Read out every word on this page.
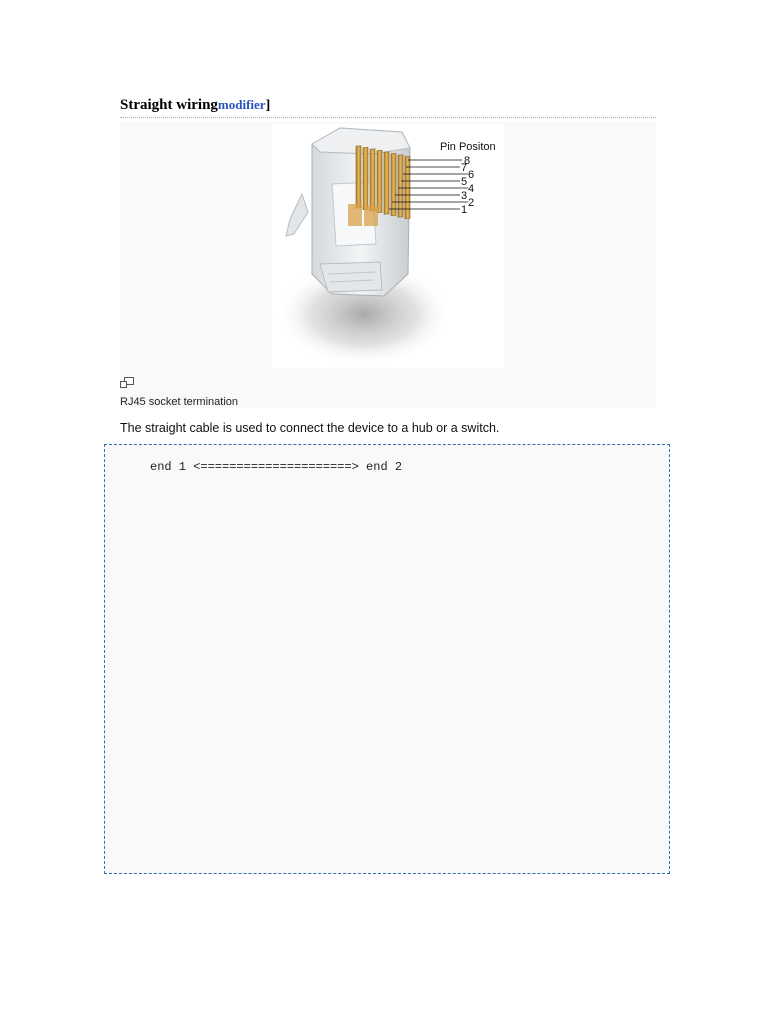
Straight wiringmodifier]
Pin Positon
8
7
6
5
4
3
2
1
RJ45 socket termination
The straight cable is used to connect the device to a hub or a switch.
end 1 <=====================> end 2
